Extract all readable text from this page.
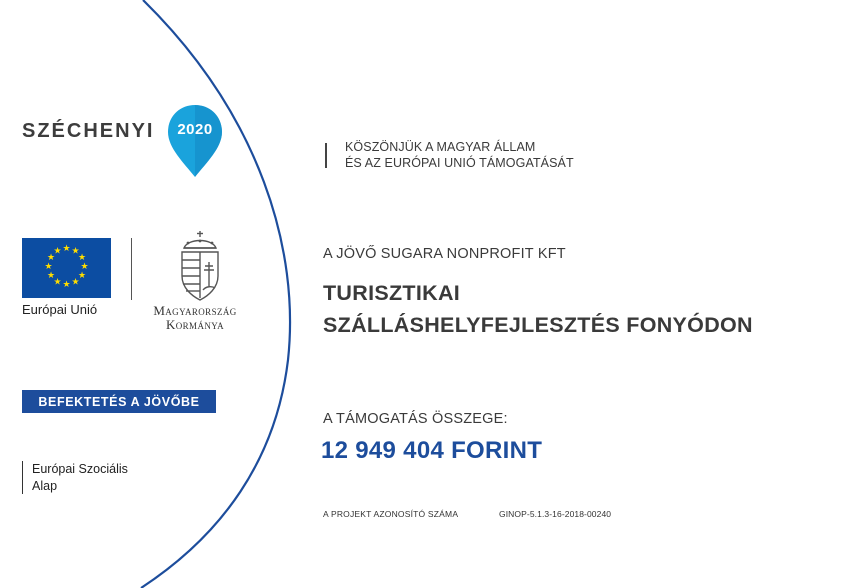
SZÉCHENYI	2020
★ ★
★
★
★
★
★
★
★
★
★
★
Európai Unió	Magyarország
Kormánya
BEFEKTETÉS A JÖVŐBE
Európai Szociális
Alap
KÖSZÖNJÜK A MAGYAR ÁLLAM
ÉS AZ EURÓPAI UNIÓ TÁMOGATÁSÁT
A JÖVŐ SUGARA NONPROFIT KFT
TURISZTIKAI
SZÁLLÁSHELYFEJLESZTÉS FONYÓDON
A TÁMOGATÁS ÖSSZEGE:
12 949 404 FORINT
A PROJEKT AZONOSÍTÓ SZÁMA	GINOP-5.1.3-16-2018-00240
